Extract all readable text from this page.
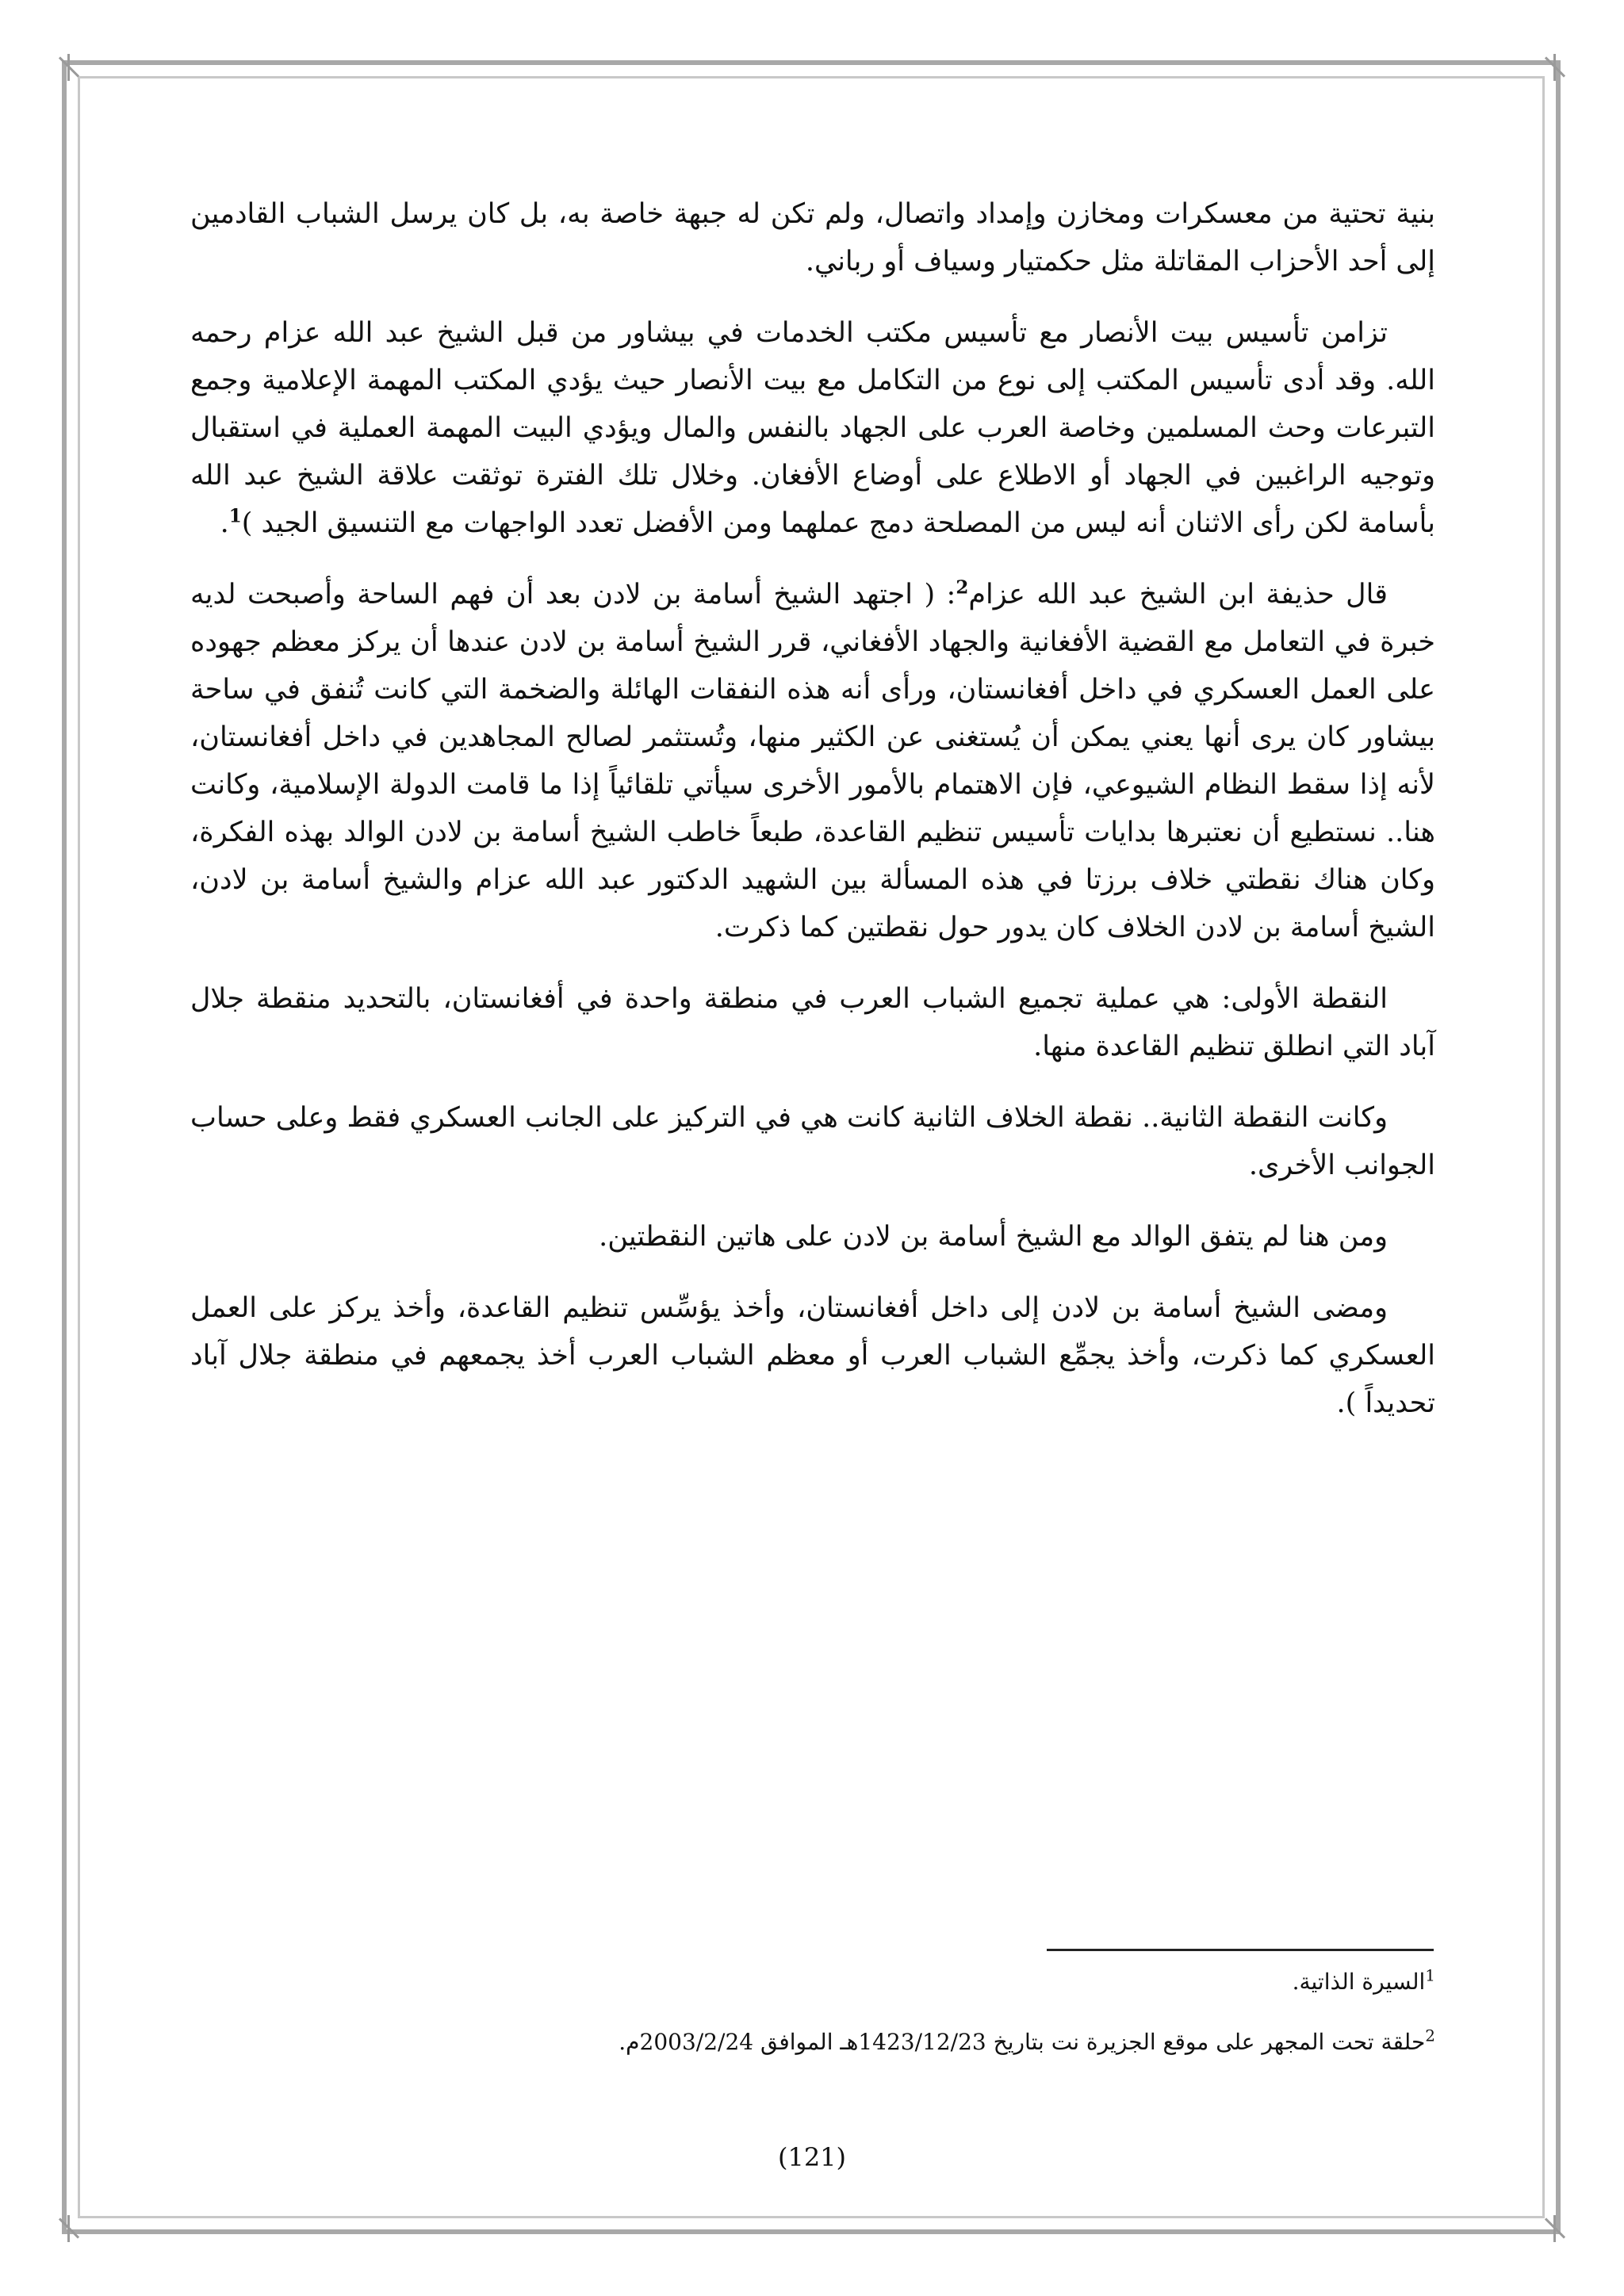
بنية تحتية من معسكرات ومخازن وإمداد واتصال، ولم تكن له جبهة خاصة به، بل كان يرسل الشباب القادمين إلى أحد الأحزاب المقاتلة مثل حكمتيار وسياف أو رباني.

تزامن تأسيس بيت الأنصار مع تأسيس مكتب الخدمات في بيشاور من قبل الشيخ عبد الله عزام رحمه الله. وقد أدى تأسيس المكتب إلى نوع من التكامل مع بيت الأنصار حيث يؤدي المكتب المهمة الإعلامية وجمع التبرعات وحث المسلمين وخاصة العرب على الجهاد بالنفس والمال ويؤدي البيت المهمة العملية في استقبال وتوجيه الراغبين في الجهاد أو الاطلاع على أوضاع الأفغان. وخلال تلك الفترة توثقت علاقة الشيخ عبد الله بأسامة لكن رأى الاثنان أنه ليس من المصلحة دمج عملهما ومن الأفضل تعدد الواجهات مع التنسيق الجيد )$^1$.

قال حذيفة ابن الشيخ عبد الله عزام$^2$: ( اجتهد الشيخ أسامة بن لادن بعد أن فهم الساحة وأصبحت لديه خبرة في التعامل مع القضية الأفغانية والجهاد الأفغاني، قرر الشيخ أسامة بن لادن عندها أن يركز معظم جهوده على العمل العسكري في داخل أفغانستان، ورأى أنه هذه النفقات الهائلة والضخمة التي كانت تُنفق في ساحة بيشاور كان يرى أنها يعني يمكن أن يُستغنى عن الكثير منها، وتُستثمر لصالح المجاهدين في داخل أفغانستان، لأنه إذا سقط النظام الشيوعي، فإن الاهتمام بالأمور الأخرى سيأتي تلقائياً إذا ما قامت الدولة الإسلامية، وكانت هنا.. نستطيع أن نعتبرها بدايات تأسيس تنظيم القاعدة، طبعاً خاطب الشيخ أسامة بن لادن الوالد بهذه الفكرة، وكان هناك نقطتي خلاف برزتا في هذه المسألة بين الشهيد الدكتور عبد الله عزام والشيخ أسامة بن لادن، الشيخ أسامة بن لادن الخلاف كان يدور حول نقطتين كما ذكرت.

النقطة الأولى: هي عملية تجميع الشباب العرب في منطقة واحدة في أفغانستان، بالتحديد منقطة جلال آباد التي انطلق تنظيم القاعدة منها.

وكانت النقطة الثانية.. نقطة الخلاف الثانية كانت هي في التركيز على الجانب العسكري فقط وعلى حساب الجوانب الأخرى.

ومن هنا لم يتفق الوالد مع الشيخ أسامة بن لادن على هاتين النقطتين.

ومضى الشيخ أسامة بن لادن إلى داخل أفغانستان، وأخذ يؤسِّس تنظيم القاعدة، وأخذ يركز على العمل العسكري كما ذكرت، وأخذ يجمِّع الشباب العرب أو معظم الشباب العرب أخذ يجمعهم في منطقة جلال آباد تحديداً ).

$^1$السيرة الذاتية.

$^2$حلقة تحت المجهر على موقع الجزيرة نت بتاريخ 1423/12/23هـ الموافق 2003/2/24م.

(121)
